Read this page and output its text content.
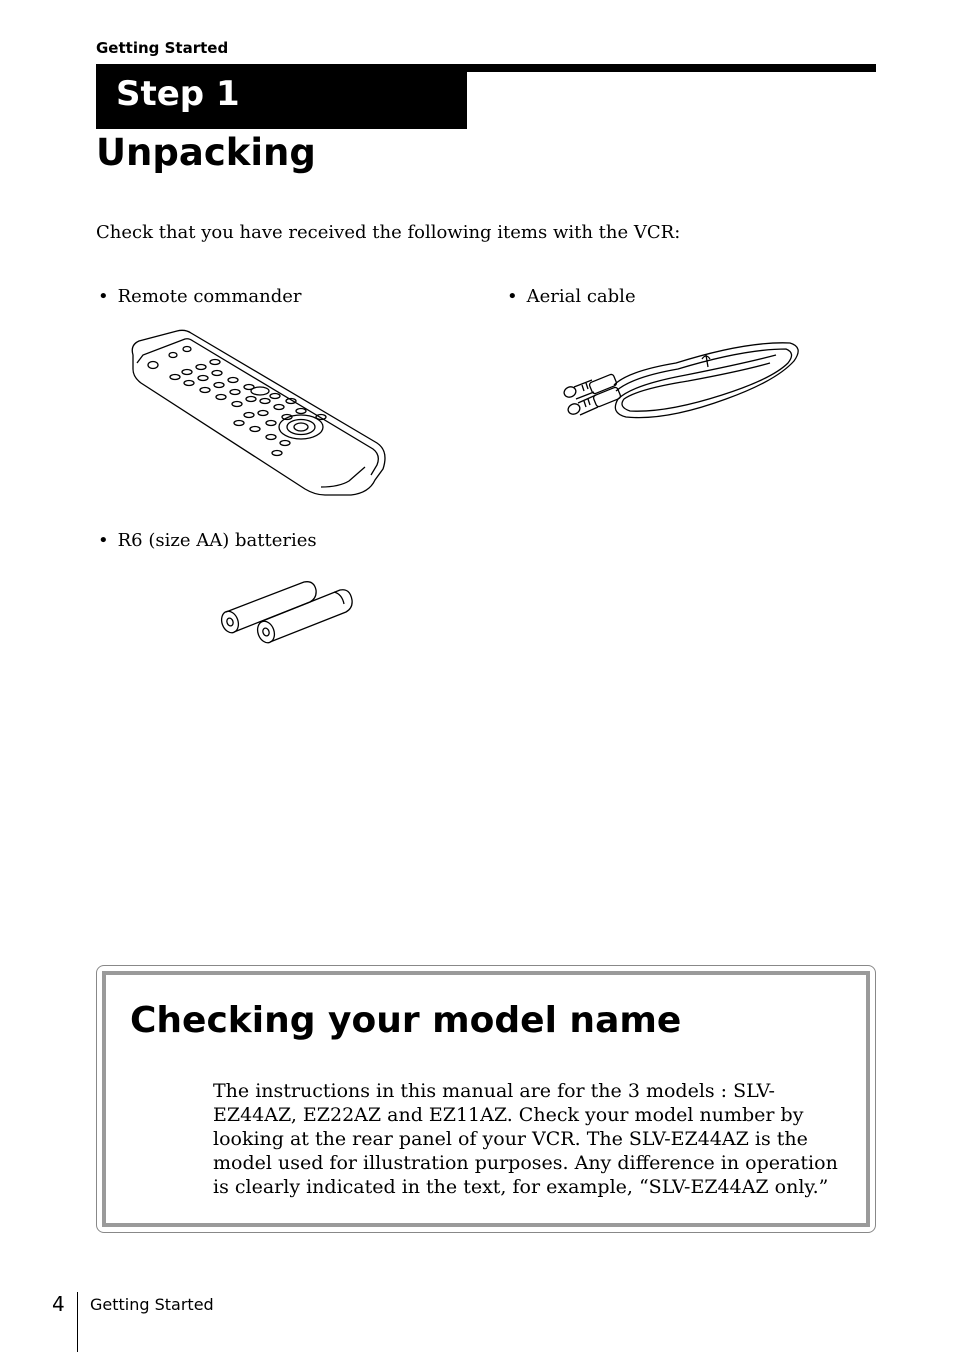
Getting Started
Step 1
Unpacking
Check that you have received the following items with the VCR:
• Remote commander	• Aerial cable
• R6 (size AA) batteries
Checking your model name
The instructions in this manual are for the 3 models : SLV-EZ44AZ, EZ22AZ and EZ11AZ. Check your model number by looking at the rear panel of your VCR. The SLV-EZ44AZ is the model used for illustration purposes. Any difference in operation is clearly indicated in the text, for example, “SLV-EZ44AZ only.”
4 Getting Started
